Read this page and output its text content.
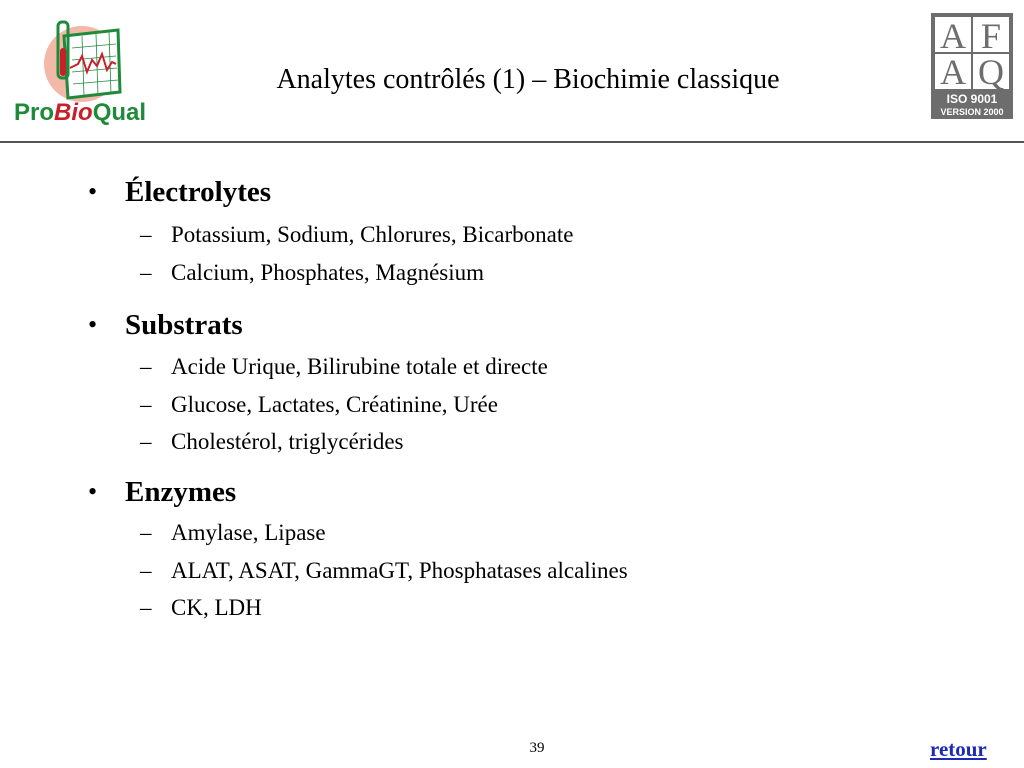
ProBioQual
Analytes contrôlés (1) – Biochimie classique
A F
A Q
ISO 9001
VERSION 2000
• Électrolytes
– Potassium, Sodium, Chlorures, Bicarbonate
– Calcium, Phosphates, Magnésium
• Substrats
– Acide Urique, Bilirubine totale et directe
– Glucose, Lactates, Créatinine, Urée
– Cholestérol, triglycérides
• Enzymes
– Amylase, Lipase
– ALAT, ASAT, GammaGT, Phosphatases alcalines
– CK, LDH
39	retour
